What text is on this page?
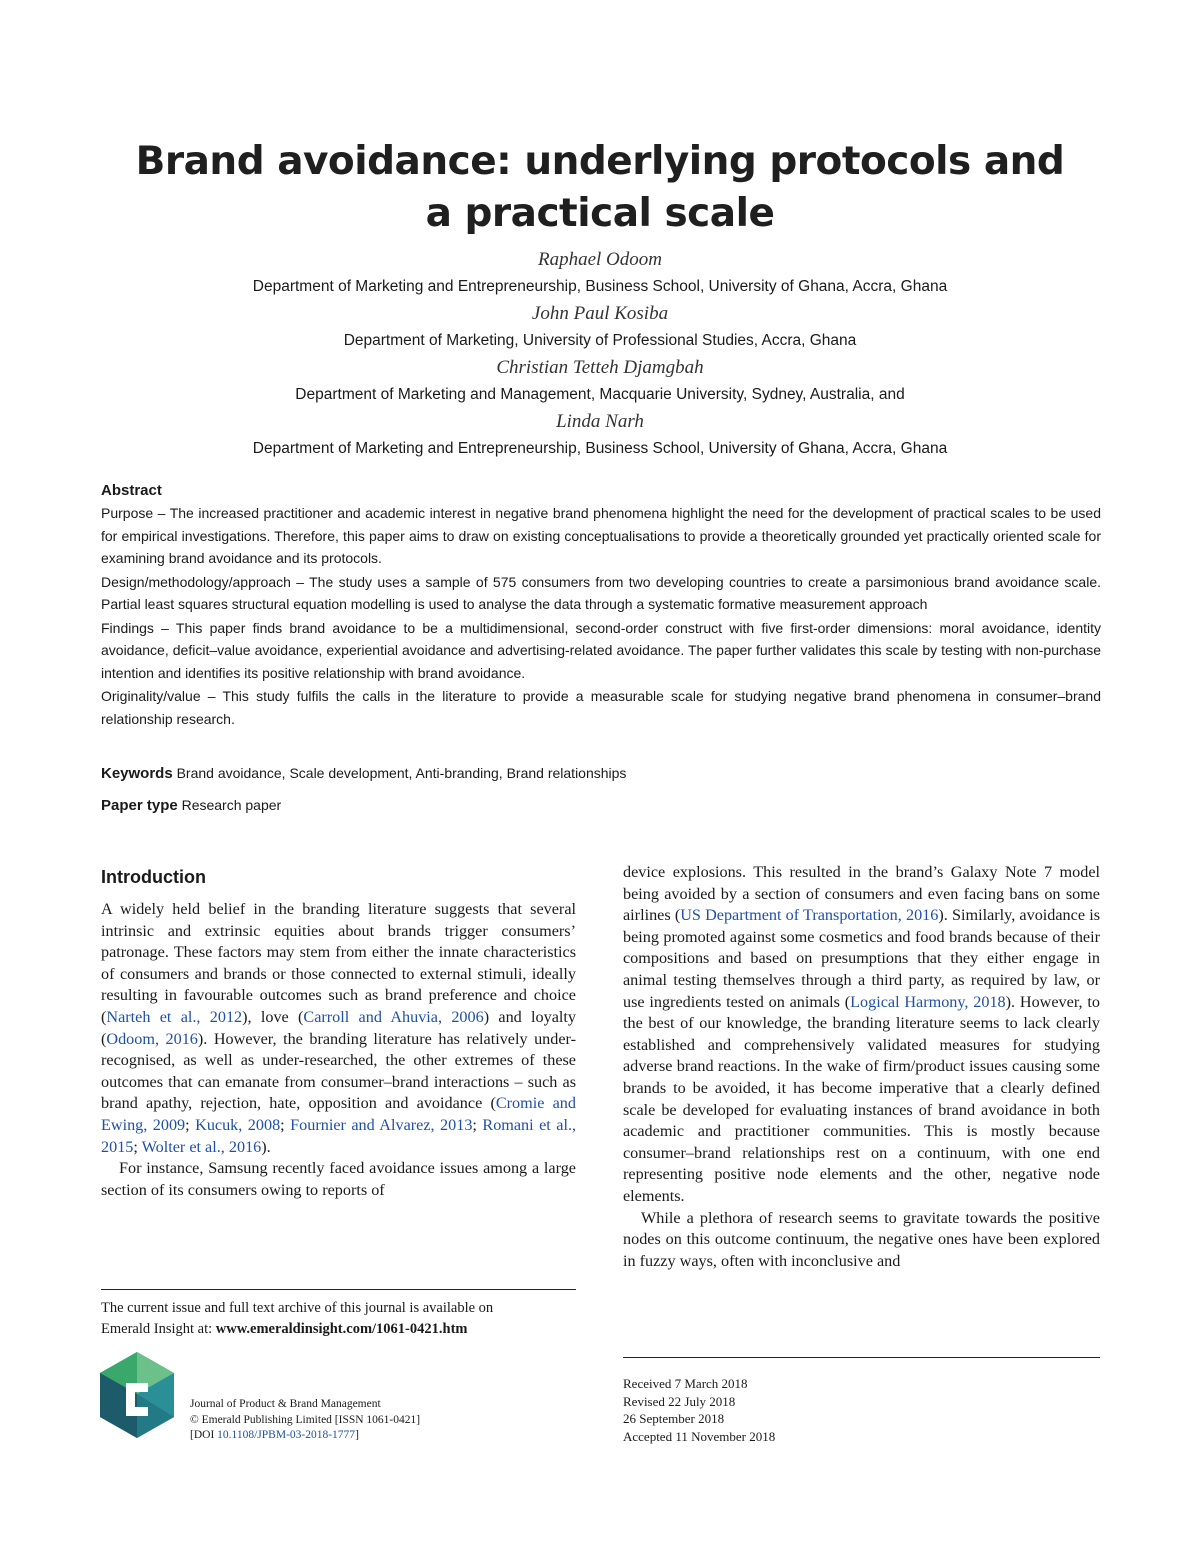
Brand avoidance: underlying protocols and
a practical scale
Raphael Odoom
Department of Marketing and Entrepreneurship, Business School, University of Ghana, Accra, Ghana
John Paul Kosiba
Department of Marketing, University of Professional Studies, Accra, Ghana
Christian Tetteh Djamgbah
Department of Marketing and Management, Macquarie University, Sydney, Australia, and
Linda Narh
Department of Marketing and Entrepreneurship, Business School, University of Ghana, Accra, Ghana
Abstract

Purpose – The increased practitioner and academic interest in negative brand phenomena highlight the need for the development of practical scales to be used for empirical investigations. Therefore, this paper aims to draw on existing conceptualisations to provide a theoretically grounded yet practically oriented scale for examining brand avoidance and its protocols.

Design/methodology/approach – The study uses a sample of 575 consumers from two developing countries to create a parsimonious brand avoidance scale. Partial least squares structural equation modelling is used to analyse the data through a systematic formative measurement approach

Findings – This paper finds brand avoidance to be a multidimensional, second-order construct with five first-order dimensions: moral avoidance, identity avoidance, deficit–value avoidance, experiential avoidance and advertising-related avoidance. The paper further validates this scale by testing with non-purchase intention and identifies its positive relationship with brand avoidance.

Originality/value – This study fulfils the calls in the literature to provide a measurable scale for studying negative brand phenomena in consumer–brand relationship research.

Keywords Brand avoidance, Scale development, Anti-branding, Brand relationships
Paper type Research paper
Introduction

A widely held belief in the branding literature suggests that several intrinsic and extrinsic equities about brands trigger consumers’ patronage. These factors may stem from either the innate characteristics of consumers and brands or those connected to external stimuli, ideally resulting in favourable outcomes such as brand preference and choice (Narteh et al., 2012), love (Carroll and Ahuvia, 2006) and loyalty (Odoom, 2016). However, the branding literature has relatively under-recognised, as well as under-researched, the other extremes of these outcomes that can emanate from consumer–brand interactions – such as brand apathy, rejection, hate, opposition and avoidance (Cromie and Ewing, 2009; Kucuk, 2008; Fournier and Alvarez, 2013; Romani et al., 2015; Wolter et al., 2016).

For instance, Samsung recently faced avoidance issues among a large section of its consumers owing to reports of

device explosions. This resulted in the brand’s Galaxy Note 7 model being avoided by a section of consumers and even facing bans on some airlines (US Department of Transportation, 2016). Similarly, avoidance is being promoted against some cosmetics and food brands because of their compositions and based on presumptions that they either engage in animal testing themselves through a third party, as required by law, or use ingredients tested on animals (Logical Harmony, 2018). However, to the best of our knowledge, the branding literature seems to lack clearly established and comprehensively validated measures for studying adverse brand reactions. In the wake of firm/product issues causing some brands to be avoided, it has become imperative that a clearly defined scale be developed for evaluating instances of brand avoidance in both academic and practitioner communities. This is mostly because consumer–brand relationships rest on a continuum, with one end representing positive node elements and the other, negative node elements.

While a plethora of research seems to gravitate towards the positive nodes on this outcome continuum, the negative ones have been explored in fuzzy ways, often with inconclusive and

The current issue and full text archive of this journal is available on
Emerald Insight at: www.emeraldinsight.com/1061-0421.htm
Journal of Product & Brand Management
© Emerald Publishing Limited [ISSN 1061-0421]
[DOI 10.1108/JPBM-03-2018-1777]
Received 7 March 2018
Revised 22 July 2018
26 September 2018
Accepted 11 November 2018
